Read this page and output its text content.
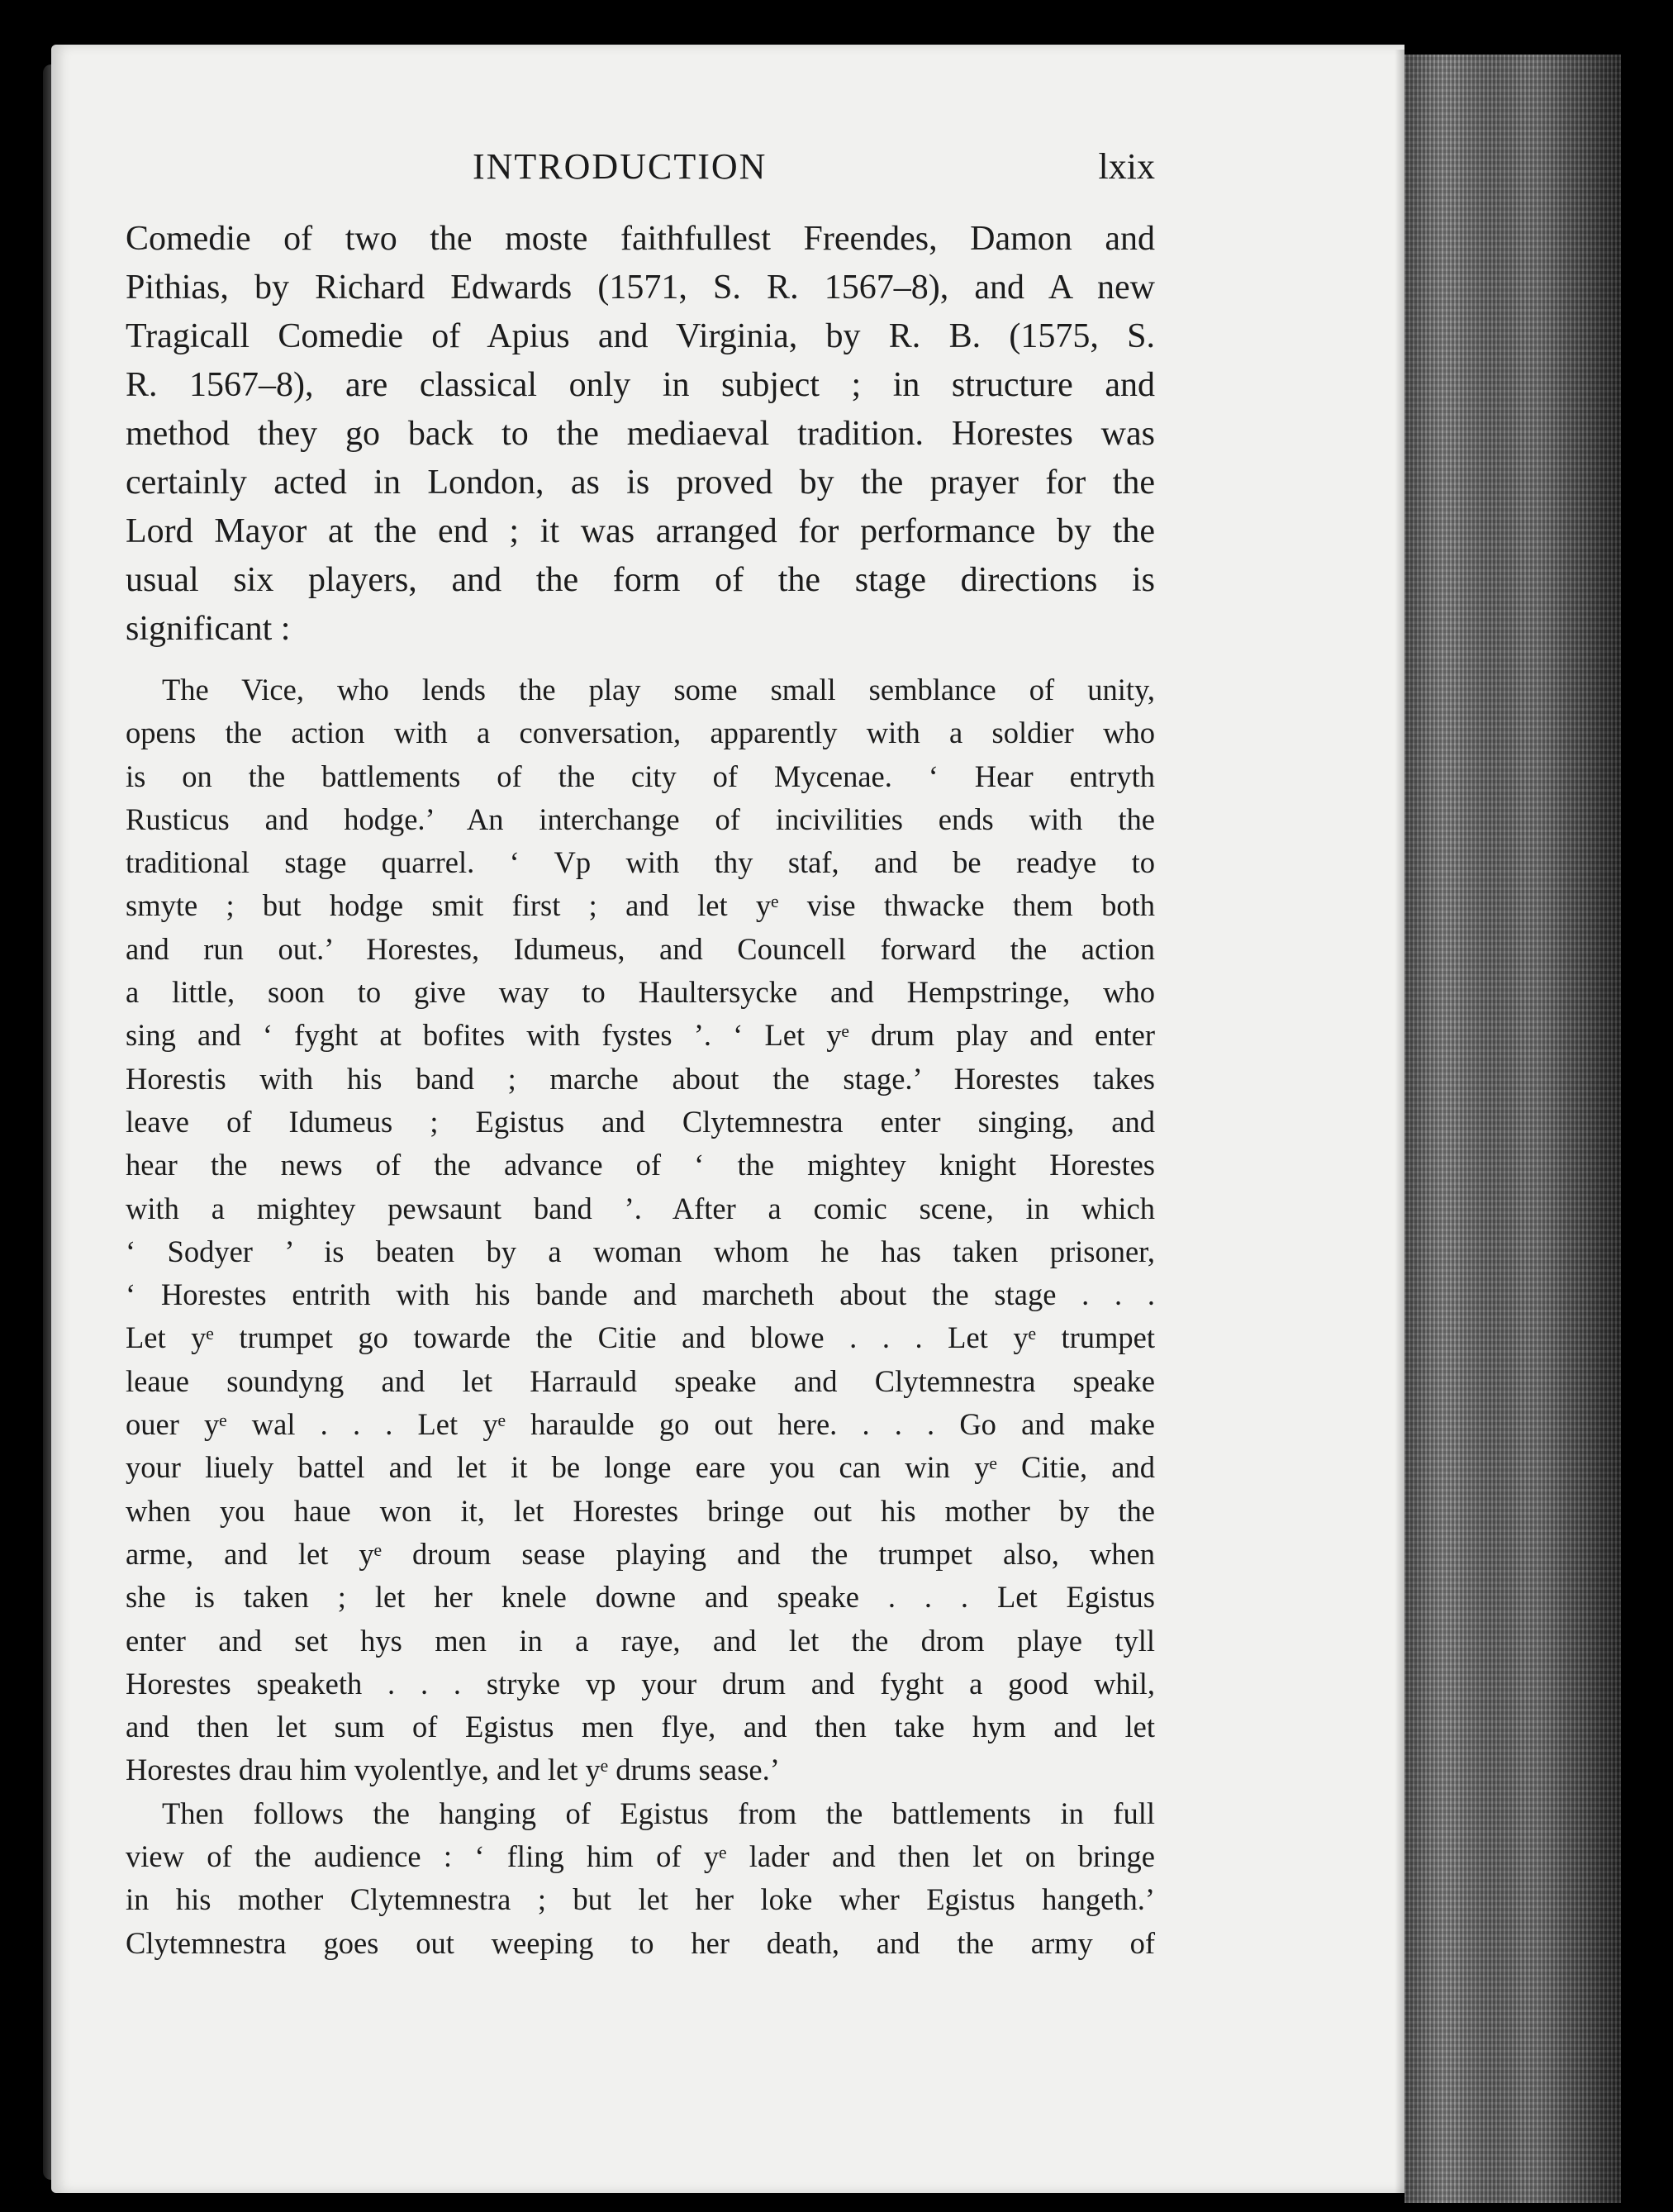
INTRODUCTION	lxix
Comedie of two the moste faithfullest Freendes, Damon and
Pithias, by Richard Edwards (1571, S. R. 1567–8), and A new
Tragicall Comedie of Apius and Virginia, by R. B. (1575, S.
R. 1567–8), are classical only in subject ; in structure and
method they go back to the mediaeval tradition. Horestes was
certainly acted in London, as is proved by the prayer for the
Lord Mayor at the end ; it was arranged for performance by the
usual six players, and the form of the stage directions is
significant :
The Vice, who lends the play some small semblance of unity,
opens the action with a conversation, apparently with a soldier who
is on the battlements of the city of Mycenae. ‘ Hear entryth
Rusticus and hodge.’ An interchange of incivilities ends with the
traditional stage quarrel. ‘ Vp with thy staf, and be readye to
smyte ; but hodge smit first ; and let yᵉ vise thwacke them both
and run out.’ Horestes, Idumeus, and Councell forward the action
a little, soon to give way to Haultersycke and Hempstringe, who
sing and ‘ fyght at bofites with fystes ’. ‘ Let yᵉ drum play and enter
Horestis with his band ; marche about the stage.’ Horestes takes
leave of Idumeus ; Egistus and Clytemnestra enter singing, and
hear the news of the advance of ‘ the mightey knight Horestes
with a mightey pewsaunt band ’. After a comic scene, in which
‘ Sodyer ’ is beaten by a woman whom he has taken prisoner,
‘ Horestes entrith with his bande and marcheth about the stage . . .
Let yᵉ trumpet go towarde the Citie and blowe . . . Let yᵉ trumpet
leaue soundyng and let Harrauld speake and Clytemnestra speake
ouer yᵉ wal . . . Let yᵉ haraulde go out here. . . . Go and make
your liuely battel and let it be longe eare you can win yᵉ Citie, and
when you haue won it, let Horestes bringe out his mother by the
arme, and let yᵉ droum sease playing and the trumpet also, when
she is taken ; let her knele downe and speake . . . Let Egistus
enter and set hys men in a raye, and let the drom playe tyll
Horestes speaketh . . . stryke vp your drum and fyght a good whil,
and then let sum of Egistus men flye, and then take hym and let
Horestes drau him vyolentlye, and let yᵉ drums sease.’
Then follows the hanging of Egistus from the battlements in full
view of the audience : ‘ fling him of yᵉ lader and then let on bringe
in his mother Clytemnestra ; but let her loke wher Egistus hangeth.’
Clytemnestra goes out weeping to her death, and the army of
